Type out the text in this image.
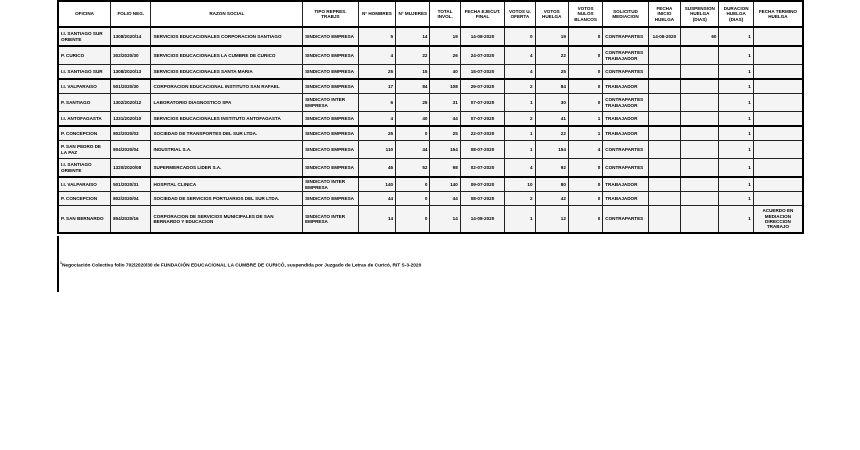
OFICINA	FOLIO NEG.	RAZON SOCIAL	TIPO REPRES. TRABJS	N° HOMBRES	N° MUJERES	TOTAL INVOL.	FECHA EJECUT. FINAL	VOTOS U. OFERTA	VOTOS HUELGA	VOTOS NULOS BLANCOS	SOLICITUD MEDIACION	FECHA INICIO HUELGA	SUSPENSION HUELGA (DIAS)	DURACION HUELGA (DIAS)	FECHA TERMINO HUELGA
I.I. SANTIAGO SUR ORIENTE	1308/2020/14	SERVICIOS EDUCACIONALES CORPORACION SANTIAGO	SINDICATO EMPRESA	5	14	19	14-08-2020	0	19	0	CONTRAPARTES	14-08-2020	60	1	
P. CURICO	302/2020/30	SERVICIOS EDUCACIONALES LA CUMBRE DE CURICO	SINDICATO EMPRESA	4	22	26	24-07-2020	4	22	0	CONTRAPARTES TRABAJADOR			1	
I.I. SANTIAGO SUR	1308/2020/13	SERVICIOS EDUCACIONALES SANTA MARIA	SINDICATO EMPRESA	25	15	40	15-07-2020	4	25	0	CONTRAPARTES			1	
I.I. VALPARAISO	501/2020/30	CORPORACION EDUCACIONAL INSTITUTO SAN RAFAEL	SINDICATO EMPRESA	17	84	108	29-07-2020	2	84	0	TRABAJADOR			1	
P. SANTIAGO	1302/2020/12	LABORATORIO DIAGNOSTICO SPA	SINDICATO INTER EMPRESA	6	25	31	07-07-2020	1	30	0	CONTRAPARTES TRABAJADOR			1	
I.I. ANTOFAGASTA	1331/2020/10	SERVICIOS EDUCACIONALES INSTITUTO ANTOFAGASTA	SINDICATO EMPRESA	4	40	44	07-07-2020	2	41	1	TRABAJADOR			1	
P. CONCEPCION	802/2020/03	SOCIEDAD DE TRANSPORTES DEL SUR LTDA.	SINDICATO EMPRESA	25	0	25	22-07-2020	1	22	1	TRABAJADOR			1	
P. SAN PEDRO DE LA PAZ	804/2020/04	INDUSTRIAL S.A.	SINDICATO EMPRESA	110	44	154	08-07-2020	1	154	4	CONTRAPARTES			1	
I.I. SANTIAGO ORIENTE	1320/2020/08	SUPERMERCADOS LIDER S.A.	SINDICATO EMPRESA	46	52	98	02-07-2020	4	92	0	CONTRAPARTES			1	
I.I. VALPARAISO	501/2020/31	HOSPITAL CLINICA	SINDICATO INTER EMPRESA	140	0	140	09-07-2020	10	80	0	TRABAJADOR			1	
P. CONCEPCION	802/2020/04	SOCIEDAD DE SERVICIOS PORTUARIOS DEL SUR LTDA.	SINDICATO EMPRESA	44	0	44	08-07-2020	2	42	0	TRABAJADOR			1	
P. SAN BERNARDO	804/2020/16	CORPORACION DE SERVICIOS MUNICIPALES DE SAN BERNARDO Y EDUCACION	SINDICATO INTER EMPRESA	14	0	14	14-08-2020	1	12	0	CONTRAPARTES			1	ACUERDO EN MEDIACION DIRECCION TRABAJO
$^1$Negociación Colectiva folio 702/2020/30 de FUNDACIÓN EDUCACIONAL LA CUMBRE DE CURICÓ, suspendida por Juzgado de Letras de Curicó, RIT S-3-2020
